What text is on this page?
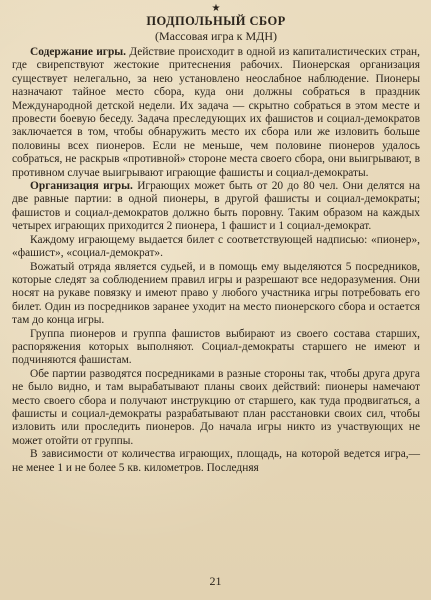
★
ПОДПОЛЬНЫЙ СБОР
(Массовая игра к МДН)

Содержание игры. Действие происходит в одной из капиталистических стран, где свирепствуют жестокие притеснения рабочих. Пионерская организация существует нелегально, за нею установлено неослабное наблюдение. Пионеры назначают тайное место сбора, куда они должны собраться в праздник Международной детской недели. Их задача — скрытно собраться в этом месте и провести боевую беседу. Задача преследующих их фашистов и социал-демократов заключается в том, чтобы обнаружить место их сбора или же изловить больше половины всех пионеров. Если не меньше, чем половине пионеров удалось собраться, не раскрыв «противной» стороне места своего сбора, они выигрывают, в противном случае выигрывают играющие фашисты и социал-демократы.

Организация игры. Играющих может быть от 20 до 80 чел. Они делятся на две равные партии: в одной пионеры, в другой фашисты и социал-демократы; фашистов и социал-демократов должно быть поровну. Таким образом на каждых четырех играющих приходится 2 пионера, 1 фашист и 1 социал-демократ.

Каждому играющему выдается билет с соответствующей надписью: «пионер», «фашист», «социал-демократ».

Вожатый отряда является судьей, и в помощь ему выделяются 5 посредников, которые следят за соблюдением правил игры и разрешают все недоразумения. Они носят на рукаве повязку и имеют право у любого участника игры потребовать его билет. Один из посредников заранее уходит на место пионерского сбора и остается там до конца игры.

Группа пионеров и группа фашистов выбирают из своего состава старших, распоряжения которых выполняют. Социал-демократы старшего не имеют и подчиняются фашистам.

Обе партии разводятся посредниками в разные стороны так, чтобы друга друга не было видно, и там вырабатывают планы своих действий: пионеры намечают место своего сбора и получают инструкцию от старшего, как туда продвигаться, а фашисты и социал-демократы разрабатывают план расстановки своих сил, чтобы изловить или проследить пионеров. До начала игры никто из участвующих не может отойти от группы.

В зависимости от количества играющих, площадь, на которой ведется игра,— не менее 1 и не более 5 кв. километров. Последняя

21
